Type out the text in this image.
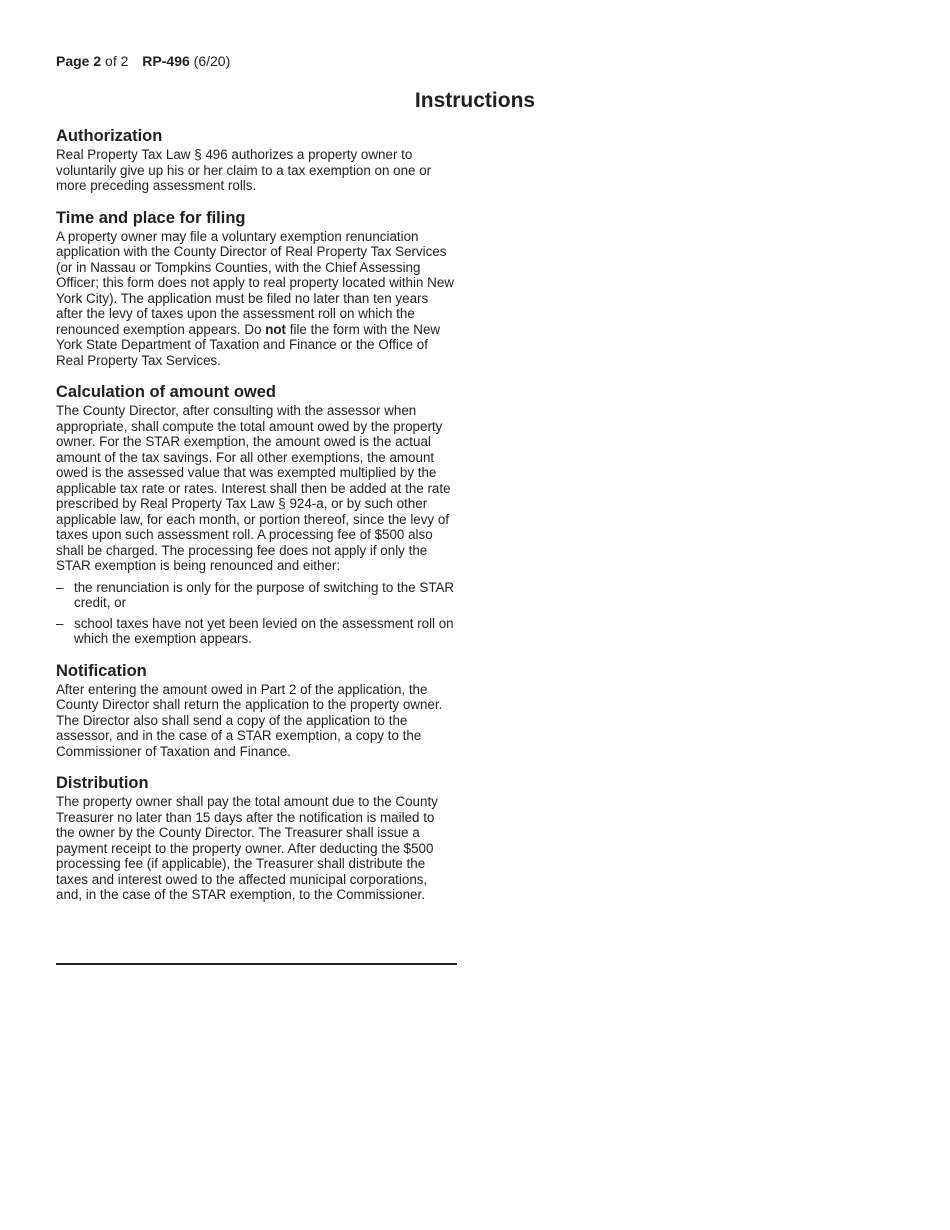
Page 2 of 2 RP-496 (6/20)
Instructions
Authorization

Real Property Tax Law § 496 authorizes a property owner to voluntarily give up his or her claim to a tax exemption on one or more preceding assessment rolls.

Time and place for filing

A property owner may file a voluntary exemption renunciation application with the County Director of Real Property Tax Services (or in Nassau or Tompkins Counties, with the Chief Assessing Officer; this form does not apply to real property located within New York City). The application must be filed no later than ten years after the levy of taxes upon the assessment roll on which the renounced exemption appears. Do not file the form with the New York State Department of Taxation and Finance or the Office of Real Property Tax Services.

Calculation of amount owed

The County Director, after consulting with the assessor when appropriate, shall compute the total amount owed by the property owner. For the STAR exemption, the amount owed is the actual amount of the tax savings. For all other exemptions, the amount owed is the assessed value that was exempted multiplied by the applicable tax rate or rates. Interest shall then be added at the rate prescribed by Real Property Tax Law § 924-a, or by such other applicable law, for each month, or portion thereof, since the levy of taxes upon such assessment roll. A processing fee of $500 also shall be charged. The processing fee does not apply if only the STAR exemption is being renounced and either:

– the renunciation is only for the purpose of switching to the STAR credit, or
– school taxes have not yet been levied on the assessment roll on which the exemption appears.
Notification

After entering the amount owed in Part 2 of the application, the County Director shall return the application to the property owner. The Director also shall send a copy of the application to the assessor, and in the case of a STAR exemption, a copy to the Commissioner of Taxation and Finance.

Distribution

The property owner shall pay the total amount due to the County Treasurer no later than 15 days after the notification is mailed to the owner by the County Director. The Treasurer shall issue a payment receipt to the property owner. After deducting the $500 processing fee (if applicable), the Treasurer shall distribute the taxes and interest owed to the affected municipal corporations, and, in the case of the STAR exemption, to the Commissioner.
